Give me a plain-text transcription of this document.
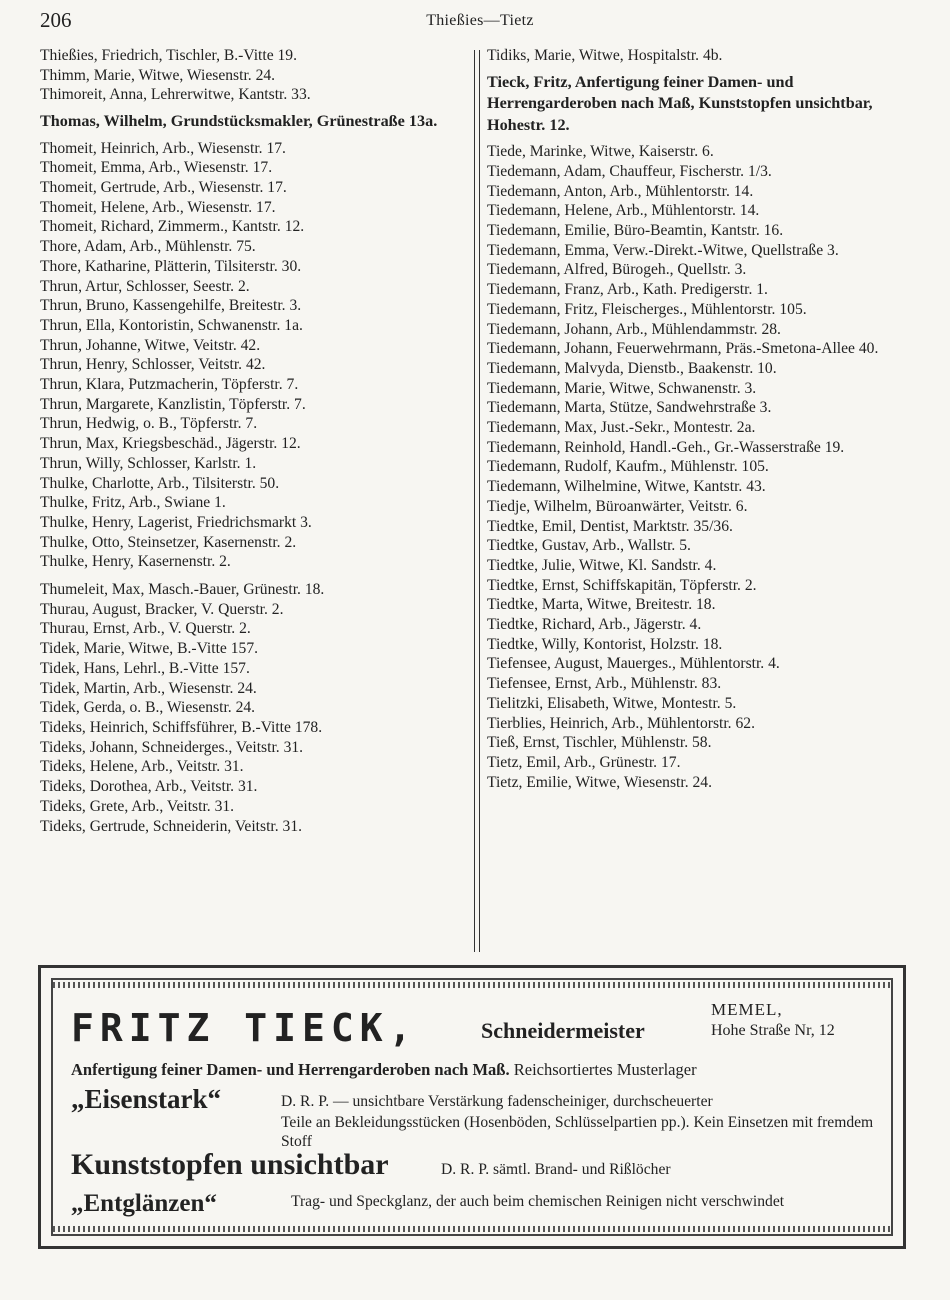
206	Thießies—Tietz

Thießies, Friedrich, Tischler, B.-Vitte 19.

Thimm, Marie, Witwe, Wiesenstr. 24.

Thimoreit, Anna, Lehrerwitwe, Kantstr. 33.

Thomas, Wilhelm, Grundstücksmakler, Grünestraße 13a.

Thomeit, Heinrich, Arb., Wiesenstr. 17.

Thomeit, Emma, Arb., Wiesenstr. 17.

Thomeit, Gertrude, Arb., Wiesenstr. 17.

Thomeit, Helene, Arb., Wiesenstr. 17.

Thomeit, Richard, Zimmerm., Kantstr. 12.

Thore, Adam, Arb., Mühlenstr. 75.

Thore, Katharine, Plätterin, Tilsiterstr. 30.

Thrun, Artur, Schlosser, Seestr. 2.

Thrun, Bruno, Kassengehilfe, Breitestr. 3.

Thrun, Ella, Kontoristin, Schwanenstr. 1a.

Thrun, Johanne, Witwe, Veitstr. 42.

Thrun, Henry, Schlosser, Veitstr. 42.

Thrun, Klara, Putzmacherin, Töpferstr. 7.

Thrun, Margarete, Kanzlistin, Töpferstr. 7.

Thrun, Hedwig, o. B., Töpferstr. 7.

Thrun, Max, Kriegsbeschäd., Jägerstr. 12.

Thrun, Willy, Schlosser, Karlstr. 1.

Thulke, Charlotte, Arb., Tilsiterstr. 50.

Thulke, Fritz, Arb., Swiane 1.

Thulke, Henry, Lagerist, Friedrichsmarkt 3.

Thulke, Otto, Steinsetzer, Kasernenstr. 2.

Thulke, Henry, Kasernenstr. 2.

Thumeleit, Max, Masch.-Bauer, Grünestr. 18.

Thurau, August, Bracker, V. Querstr. 2.

Thurau, Ernst, Arb., V. Querstr. 2.

Tidek, Marie, Witwe, B.-Vitte 157.

Tidek, Hans, Lehrl., B.-Vitte 157.

Tidek, Martin, Arb., Wiesenstr. 24.

Tidek, Gerda, o. B., Wiesenstr. 24.

Tideks, Heinrich, Schiffsführer, B.-Vitte 178.

Tideks, Johann, Schneiderges., Veitstr. 31.

Tideks, Helene, Arb., Veitstr. 31.

Tideks, Dorothea, Arb., Veitstr. 31.

Tideks, Grete, Arb., Veitstr. 31.

Tideks, Gertrude, Schneiderin, Veitstr. 31.

Tidiks, Marie, Witwe, Hospitalstr. 4b.

Tieck, Fritz, Anfertigung feiner Damen- und Herrengarderoben nach Maß, Kunststopfen unsichtbar, Hohestr. 12.

Tiede, Marinke, Witwe, Kaiserstr. 6.

Tiedemann, Adam, Chauffeur, Fischerstr. 1/3.

Tiedemann, Anton, Arb., Mühlentorstr. 14.

Tiedemann, Helene, Arb., Mühlentorstr. 14.

Tiedemann, Emilie, Büro-Beamtin, Kantstr. 16.

Tiedemann, Emma, Verw.-Direkt.-Witwe, Quellstraße 3.

Tiedemann, Alfred, Bürogeh., Quellstr. 3.

Tiedemann, Franz, Arb., Kath. Predigerstr. 1.

Tiedemann, Fritz, Fleischerges., Mühlentorstr. 105.

Tiedemann, Johann, Arb., Mühlendammstr. 28.

Tiedemann, Johann, Feuerwehrmann, Präs.-Smetona-Allee 40.

Tiedemann, Malvyda, Dienstb., Baakenstr. 10.

Tiedemann, Marie, Witwe, Schwanenstr. 3.

Tiedemann, Marta, Stütze, Sandwehrstraße 3.

Tiedemann, Max, Just.-Sekr., Montestr. 2a.

Tiedemann, Reinhold, Handl.-Geh., Gr.-Wasserstraße 19.

Tiedemann, Rudolf, Kaufm., Mühlenstr. 105.

Tiedemann, Wilhelmine, Witwe, Kantstr. 43.

Tiedje, Wilhelm, Büroanwärter, Veitstr. 6.

Tiedtke, Emil, Dentist, Marktstr. 35/36.

Tiedtke, Gustav, Arb., Wallstr. 5.

Tiedtke, Julie, Witwe, Kl. Sandstr. 4.

Tiedtke, Ernst, Schiffskapitän, Töpferstr. 2.

Tiedtke, Marta, Witwe, Breitestr. 18.

Tiedtke, Richard, Arb., Jägerstr. 4.

Tiedtke, Willy, Kontorist, Holzstr. 18.

Tiefensee, August, Mauerges., Mühlentorstr. 4.

Tiefensee, Ernst, Arb., Mühlenstr. 83.

Tielitzki, Elisabeth, Witwe, Montestr. 5.

Tierblies, Heinrich, Arb., Mühlentorstr. 62.

Tieß, Ernst, Tischler, Mühlenstr. 58.

Tietz, Emil, Arb., Grünestr. 17.

Tietz, Emilie, Witwe, Wiesenstr. 24.

FRITZ TIECK,	Schneidermeister
MEMEL,
Hohe Straße Nr, 12
Anfertigung feiner Damen- und Herrengarderoben nach Maß. Reichsortiertes Musterlager
„Eisenstark“	D. R. P. — unsichtbare Verstärkung fadenscheiniger, durchscheuerter
Teile an Bekleidungsstücken (Hosenböden, Schlüsselpartien pp.). Kein Einsetzen mit fremdem Stoff
Kunststopfen unsichtbar	D. R. P. sämtl. Brand- und Rißlöcher
„Entglänzen“	Trag- und Speckglanz, der auch beim chemischen Reinigen nicht verschwindet
